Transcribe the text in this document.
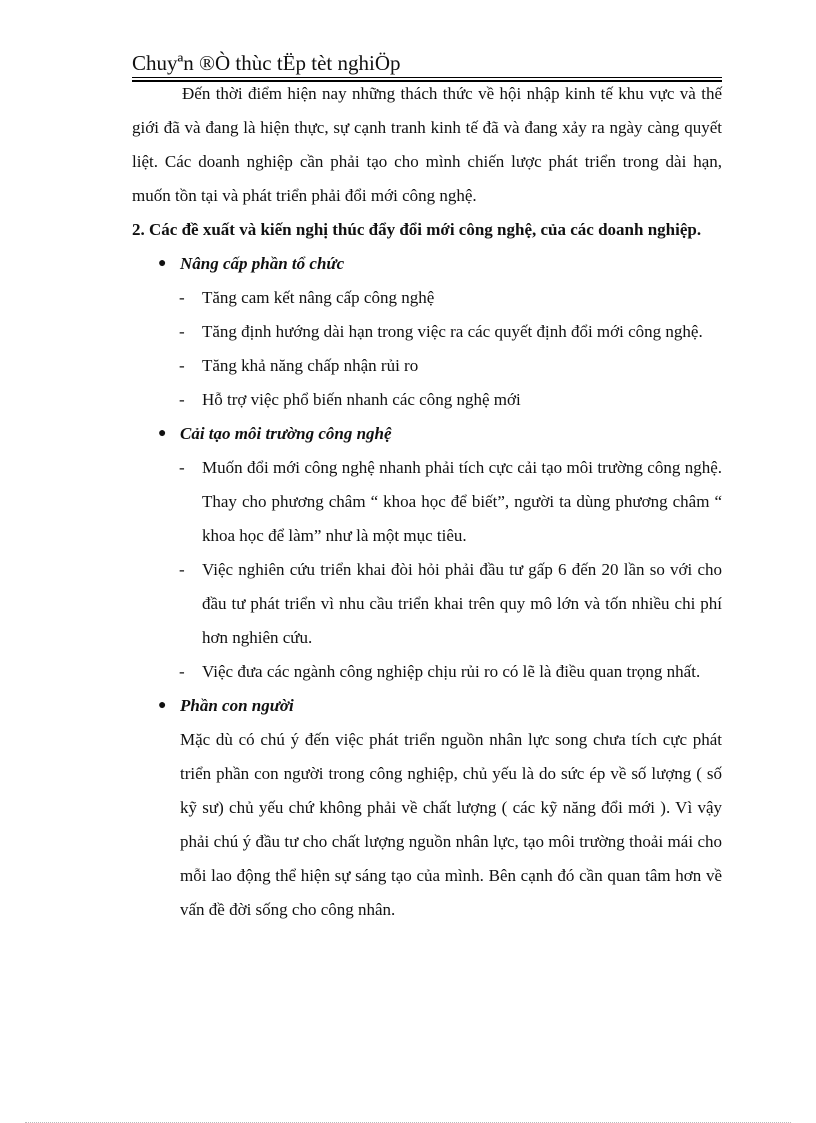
Chuyªn ®Ò thùc tËp tèt nghiÖp

Đến thời điểm hiện nay những thách thức về hội nhập kinh tế khu vực và thế giới đã và đang là hiện thực, sự cạnh tranh kinh tế đã và đang xảy ra ngày càng quyết liệt. Các doanh nghiệp cần phải tạo cho mình chiến lược phát triển trong dài hạn, muốn tồn tại và phát triển phải đổi mới công nghệ.

2. Các đề xuất và kiến nghị thúc đẩy đổi mới công nghệ, của các doanh nghiệp.

● Nâng cấp phần tổ chức
- Tăng cam kết nâng cấp công nghệ
- Tăng định hướng dài hạn trong việc ra các quyết định đổi mới công nghệ.
- Tăng khả năng chấp nhận rủi ro
- Hỗ trợ việc phổ biến nhanh các công nghệ mới
● Cải tạo môi trường công nghệ
- Muốn đổi mới công nghệ nhanh phải tích cực cải tạo môi trường công nghệ. Thay cho phương châm “ khoa học để biết”, người ta dùng phương châm “ khoa học để làm” như là một mục tiêu.
- Việc nghiên cứu triển khai đòi hỏi phải đầu tư gấp 6 đến 20 lần so với cho đầu tư phát triển vì nhu cầu triển khai trên quy mô lớn và tốn nhiều chi phí hơn nghiên cứu.
- Việc đưa các ngành công nghiệp chịu rủi ro có lẽ là điều quan trọng nhất.
● Phần con người

Mặc dù có chú ý đến việc phát triển nguồn nhân lực song chưa tích cực phát triển phần con người trong công nghiệp, chủ yếu là do sức ép về số lượng ( số kỹ sư) chủ yếu chứ không phải về chất lượng ( các kỹ năng đổi mới ). Vì vậy phải chú ý đầu tư cho chất lượng nguồn nhân lực, tạo môi trường thoải mái cho mỗi lao động thể hiện sự sáng tạo của mình. Bên cạnh đó cần quan tâm hơn về vấn đề đời sống cho công nhân.
